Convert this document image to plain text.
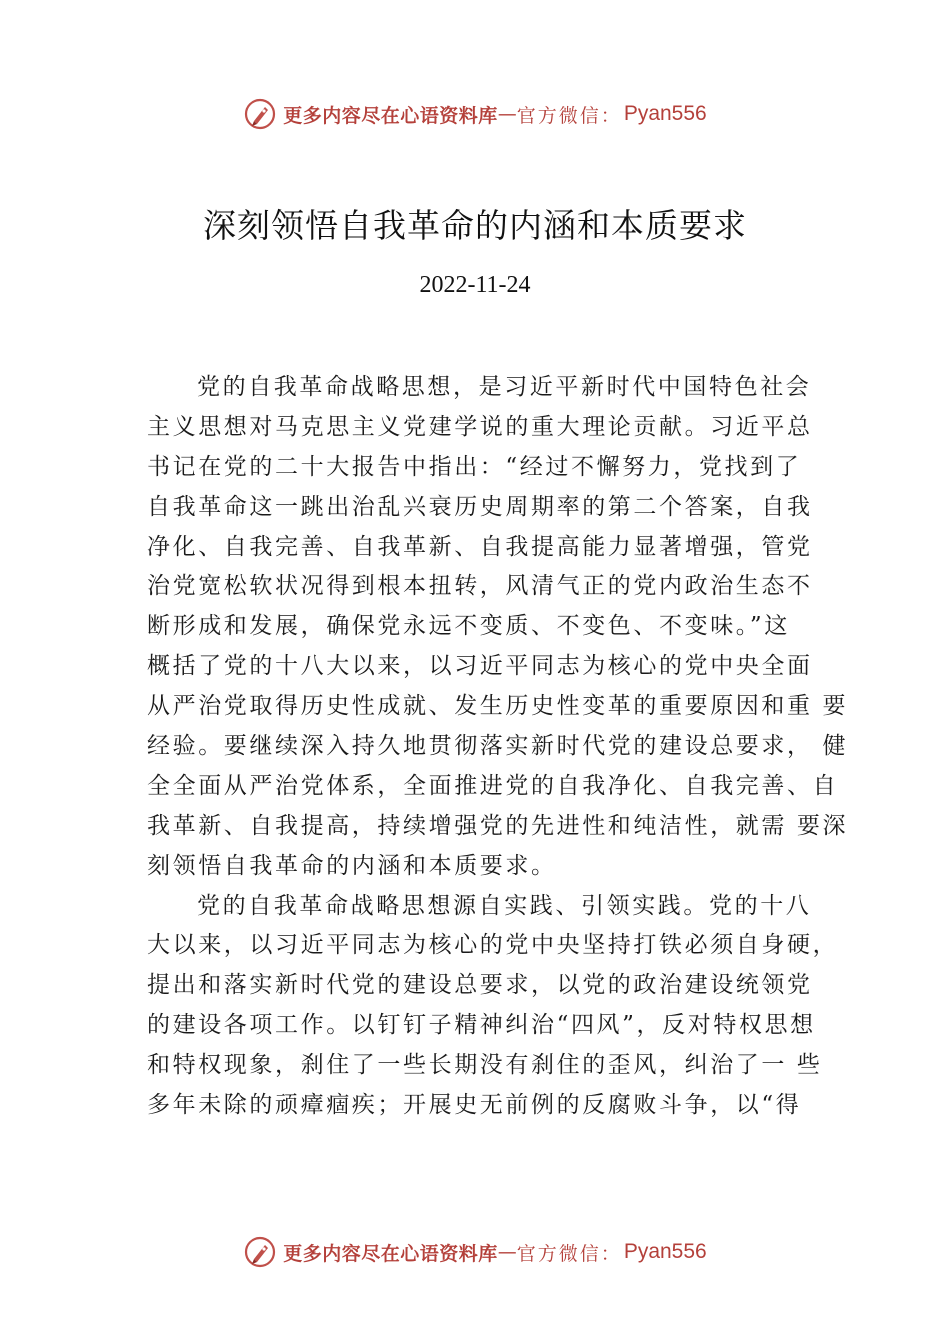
更多内容尽在心语资料库 — 官方微信 ： Pyan556
深刻领悟自我革命的内涵和本质要求
2022-11-24
党的自我革命战略思想，是习近平新时代中国特色社会
主义思想对马克思主义党建学说的重大理论贡献。习近平总
书记在党的二十大报告中指出：“经过不懈努力，党找到了
自我革命这一跳出治乱兴衰历史周期率的第二个答案，自我
净化、自我完善、自我革新、自我提高能力显著增强，管党
治党宽松软状况得到根本扭转，风清气正的党内政治生态不
断形成和发展，确保党永远不变质、不变色、不变味。”这
概括了党的十八大以来，以习近平同志为核心的党中央全面
从严治党取得历史性成就、发生历史性变革的重要原因和重 要
经验。要继续深入持久地贯彻落实新时代党的建设总要求， 健
全全面从严治党体系，全面推进党的自我净化、自我完善、自
我革新、自我提高，持续增强党的先进性和纯洁性，就需 要深
刻领悟自我革命的内涵和本质要求。
党的自我革命战略思想源自实践、引领实践。党的十八
大以来，以习近平同志为核心的党中央坚持打铁必须自身硬，
提出和落实新时代党的建设总要求，以党的政治建设统领党
的建设各项工作。以钉钉子精神纠治“四风”，反对特权思想
和特权现象，刹住了一些长期没有刹住的歪风，纠治了一 些
多年未除的顽瘴痼疾；开展史无前例的反腐败斗争，以“得
更多内容尽在心语资料库 — 官方微信 ： Pyan556
